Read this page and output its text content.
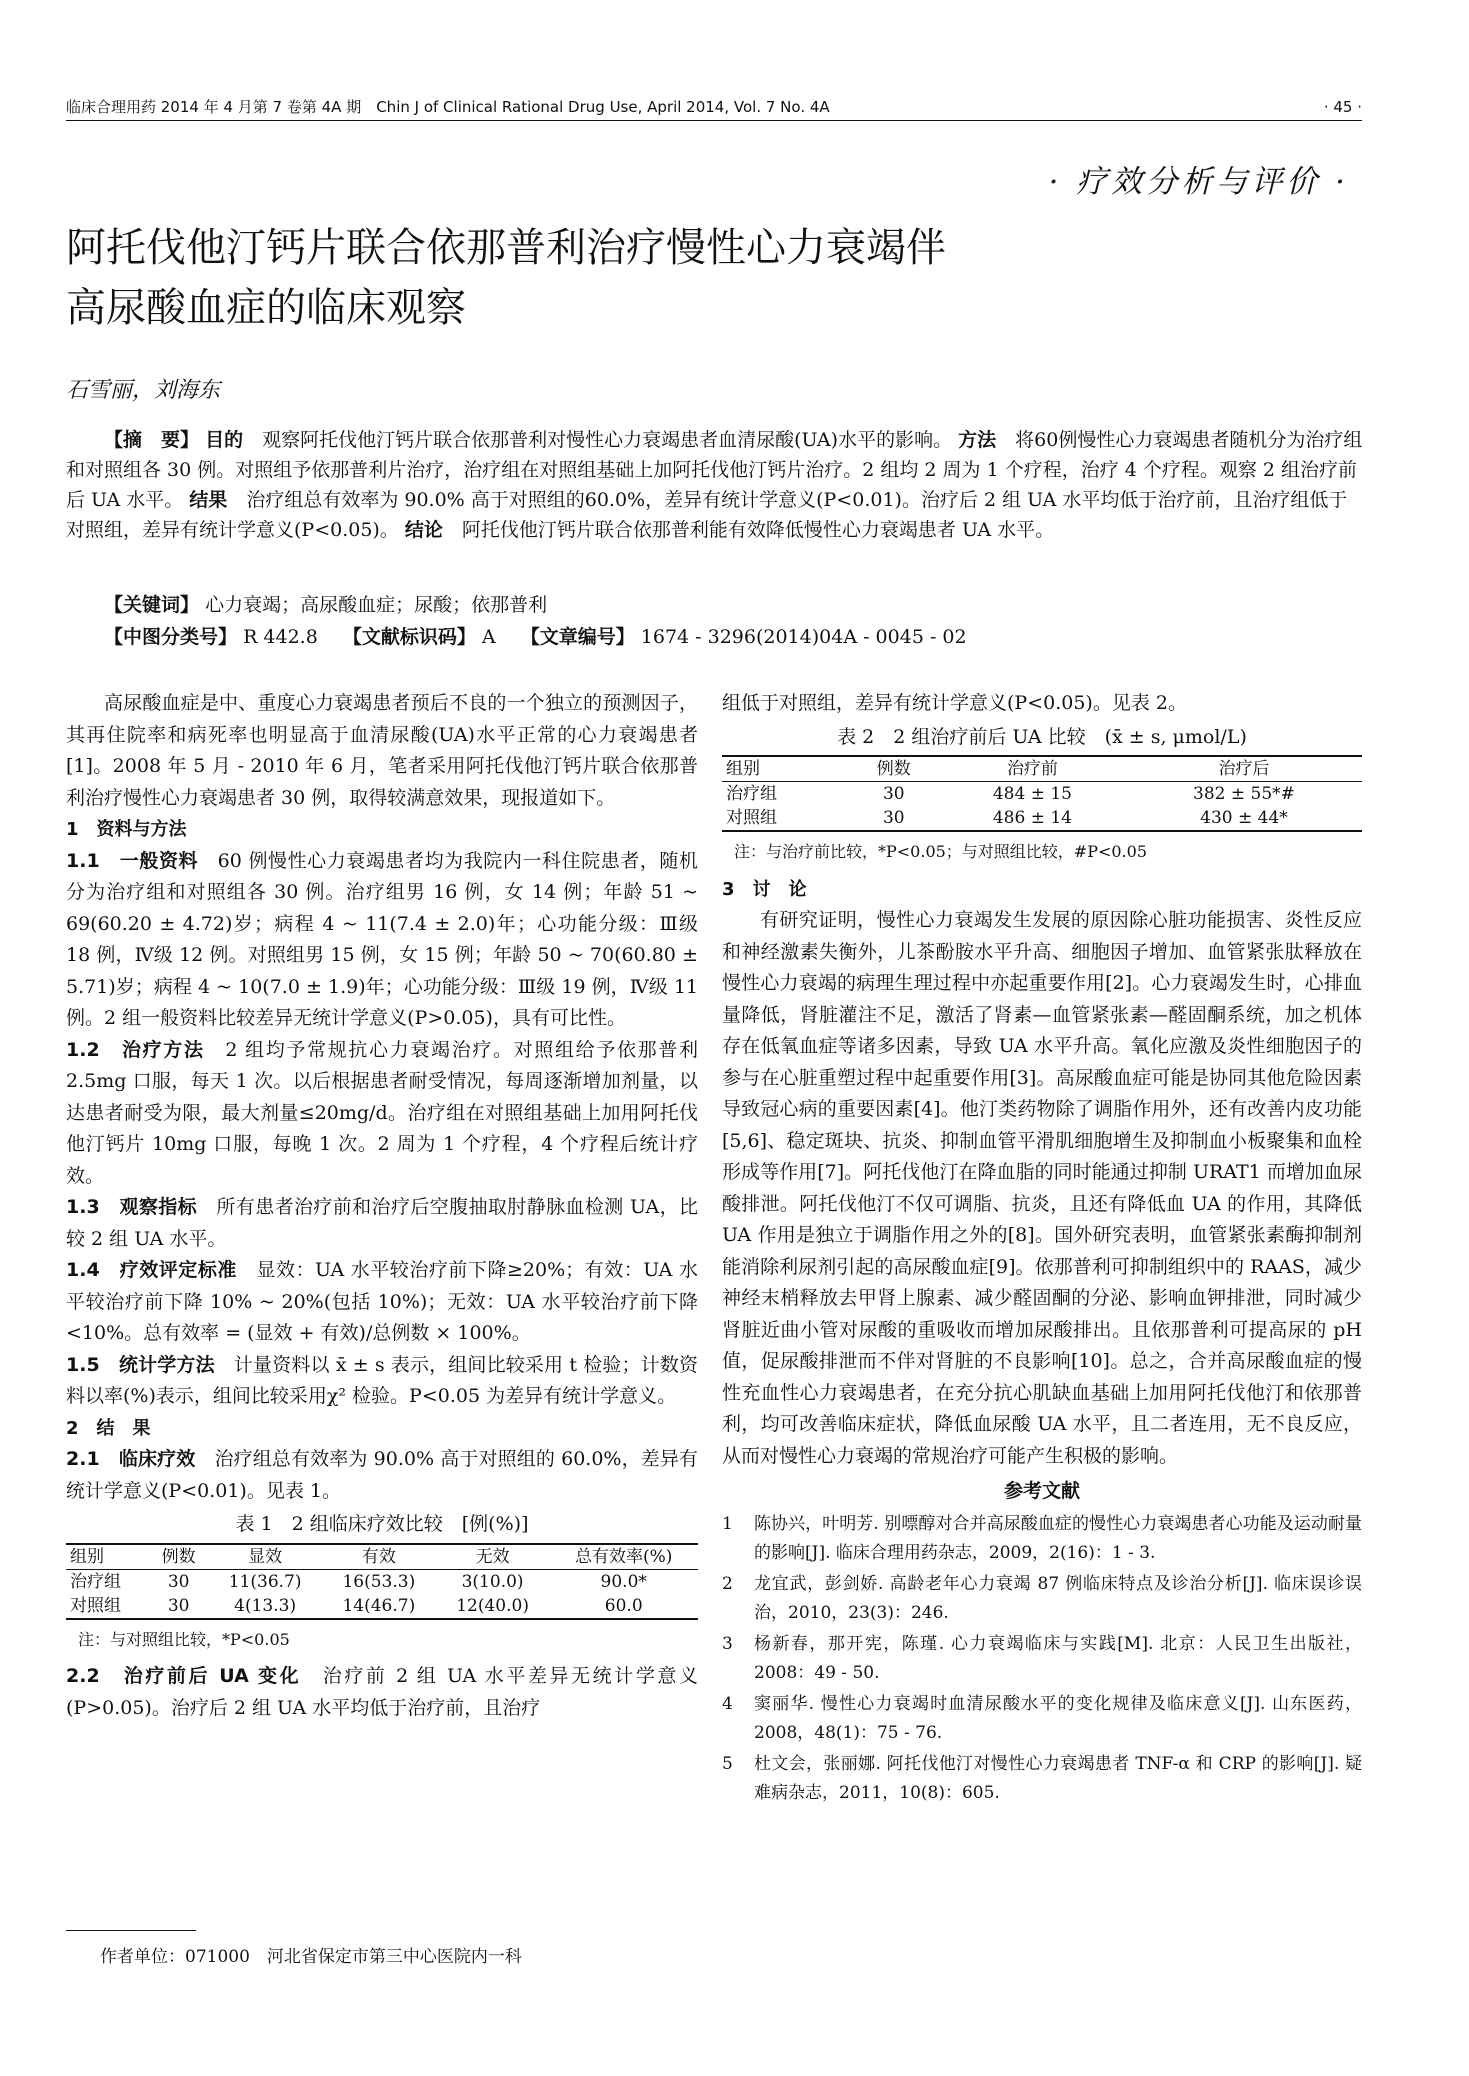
临床合理用药 2014 年 4 月第 7 卷第 4A 期　Chin J of Clinical Rational Drug Use, April 2014, Vol. 7 No. 4A	· 45 ·
· 疗效分析与评价 ·
阿托伐他汀钙片联合依那普利治疗慢性心力衰竭伴
高尿酸血症的临床观察
石雪丽，刘海东
【摘　要】 目的　 观察阿托伐他汀钙片联合依那普利对慢性心力衰竭患者血清尿酸(UA)水平的影响。 方法　 将60例慢性心力衰竭患者随机分为治疗组和对照组各 30 例。对照组予依那普利片治疗，治疗组在对照组基础上加阿托伐他汀钙片治疗。2 组均 2 周为 1 个疗程，治疗 4 个疗程。观察 2 组治疗前后 UA 水平。 结果　 治疗组总有效率为 90.0% 高于对照组的60.0%，差异有统计学意义(P<0.01)。治疗后 2 组 UA 水平均低于治疗前，且治疗组低于对照组，差异有统计学意义(P<0.05)。 结论　 阿托伐他汀钙片联合依那普利能有效降低慢性心力衰竭患者 UA 水平。
【关键词】 心力衰竭；高尿酸血症；尿酸；依那普利
【中图分类号】 R 442.8　 【文献标识码】 A　 【文章编号】 1674 - 3296(2014)04A - 0045 - 02

高尿酸血症是中、重度心力衰竭患者预后不良的一个独立的预测因子，其再住院率和病死率也明显高于血清尿酸(UA)水平正常的心力衰竭患者[1]。2008 年 5 月 - 2010 年 6 月，笔者采用阿托伐他汀钙片联合依那普利治疗慢性心力衰竭患者 30 例，取得较满意效果，现报道如下。

1　资料与方法

1.1　一般资料　 60 例慢性心力衰竭患者均为我院内一科住院患者，随机分为治疗组和对照组各 30 例。治疗组男 16 例，女 14 例；年龄 51 ~ 69(60.20 ± 4.72)岁；病程 4 ~ 11(7.4 ± 2.0)年；心功能分级：Ⅲ级 18 例，Ⅳ级 12 例。对照组男 15 例，女 15 例；年龄 50 ~ 70(60.80 ± 5.71)岁；病程 4 ~ 10(7.0 ± 1.9)年；心功能分级：Ⅲ级 19 例，Ⅳ级 11 例。2 组一般资料比较差异无统计学意义(P>0.05)，具有可比性。

1.2　治疗方法　 2 组均予常规抗心力衰竭治疗。对照组给予依那普利 2.5mg 口服，每天 1 次。以后根据患者耐受情况，每周逐渐增加剂量，以达患者耐受为限，最大剂量≤20mg/d。治疗组在对照组基础上加用阿托伐他汀钙片 10mg 口服，每晚 1 次。2 周为 1 个疗程，4 个疗程后统计疗效。

1.3　观察指标　 所有患者治疗前和治疗后空腹抽取肘静脉血检测 UA，比较 2 组 UA 水平。

1.4　疗效评定标准　 显效：UA 水平较治疗前下降≥20%；有效：UA 水平较治疗前下降 10% ~ 20%(包括 10%)；无效：UA 水平较治疗前下降<10%。总有效率 = (显效 + 有效)/总例数 × 100%。

1.5　统计学方法　 计量资料以 x̄ ± s 表示，组间比较采用 t 检验；计数资料以率(%)表示，组间比较采用χ² 检验。P<0.05 为差异有统计学意义。

2　结　果

2.1　临床疗效　 治疗组总有效率为 90.0% 高于对照组的 60.0%，差异有统计学意义(P<0.01)。见表 1。

表 1　2 组临床疗效比较　[例(%)]
组别	例数	显效	有效	无效	总有效率(%)
治疗组	30	11(36.7)	16(53.3)	3(10.0)	90.0*
对照组	30	4(13.3)	14(46.7)	12(40.0)	60.0
注：与对照组比较，*P<0.05

2.2　治疗前后 UA 变化　 治疗前 2 组 UA 水平差异无统计学意义(P>0.05)。治疗后 2 组 UA 水平均低于治疗前，且治疗

组低于对照组，差异有统计学意义(P<0.05)。见表 2。

表 2　2 组治疗前后 UA 比较　(x̄ ± s, μmol/L)
组别	例数	治疗前	治疗后
治疗组	30	484 ± 15	382 ± 55*#
对照组	30	486 ± 14	430 ± 44*
注：与治疗前比较，*P<0.05；与对照组比较，#P<0.05

3　讨　论

有研究证明，慢性心力衰竭发生发展的原因除心脏功能损害、炎性反应和神经激素失衡外，儿茶酚胺水平升高、细胞因子增加、血管紧张肽释放在慢性心力衰竭的病理生理过程中亦起重要作用[2]。心力衰竭发生时，心排血量降低，肾脏灌注不足，激活了肾素—血管紧张素—醛固酮系统，加之机体存在低氧血症等诸多因素，导致 UA 水平升高。氧化应激及炎性细胞因子的参与在心脏重塑过程中起重要作用[3]。高尿酸血症可能是协同其他危险因素导致冠心病的重要因素[4]。他汀类药物除了调脂作用外，还有改善内皮功能[5,6]、稳定斑块、抗炎、抑制血管平滑肌细胞增生及抑制血小板聚集和血栓形成等作用[7]。阿托伐他汀在降血脂的同时能通过抑制 URAT1 而增加血尿酸排泄。阿托伐他汀不仅可调脂、抗炎，且还有降低血 UA 的作用，其降低 UA 作用是独立于调脂作用之外的[8]。国外研究表明，血管紧张素酶抑制剂能消除利尿剂引起的高尿酸血症[9]。依那普利可抑制组织中的 RAAS，减少神经末梢释放去甲肾上腺素、减少醛固酮的分泌、影响血钾排泄，同时减少肾脏近曲小管对尿酸的重吸收而增加尿酸排出。且依那普利可提高尿的 pH 值，促尿酸排泄而不伴对肾脏的不良影响[10]。总之，合并高尿酸血症的慢性充血性心力衰竭患者，在充分抗心肌缺血基础上加用阿托伐他汀和依那普利，均可改善临床症状，降低血尿酸 UA 水平，且二者连用，无不良反应，从而对慢性心力衰竭的常规治疗可能产生积极的影响。

参考文献
1 陈协兴，叶明芳. 别嘌醇对合并高尿酸血症的慢性心力衰竭患者心功能及运动耐量的影响[J]. 临床合理用药杂志，2009，2(16)：1 - 3.
2 龙宜武，彭剑娇. 高龄老年心力衰竭 87 例临床特点及诊治分析[J]. 临床误诊误治，2010，23(3)：246.
3 杨新春，那开宪，陈瑾. 心力衰竭临床与实践[M]. 北京：人民卫生出版社，2008：49 - 50.
4 窦丽华. 慢性心力衰竭时血清尿酸水平的变化规律及临床意义[J]. 山东医药，2008，48(1)：75 - 76.
5 杜文会，张丽娜. 阿托伐他汀对慢性心力衰竭患者 TNF-α 和 CRP 的影响[J]. 疑难病杂志，2011，10(8)：605.
作者单位：071000　河北省保定市第三中心医院内一科
